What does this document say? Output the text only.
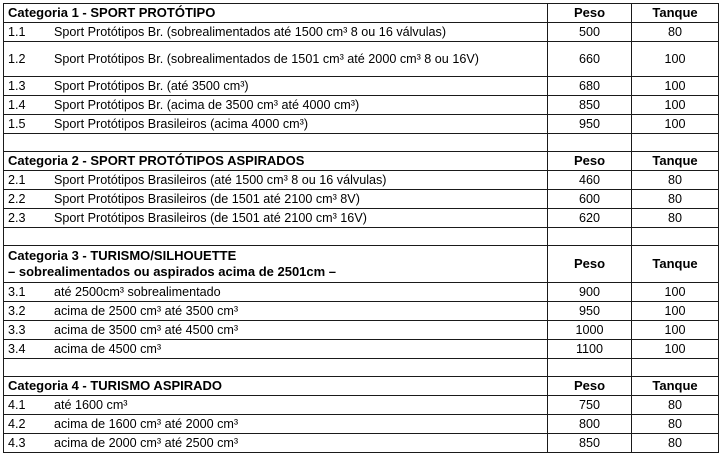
Categoria 1 - SPORT PROTÓTIPO	Peso	Tanque
1.1 Sport Protótipos Br. (sobrealimentados até 1500 cm³ 8 ou 16 válvulas)	500	80
1.2 Sport Protótipos Br. (sobrealimentados de 1501 cm³ até 2000 cm³ 8 ou 16V)	660	100
1.3 Sport Protótipos Br. (até 3500 cm³)	680	100
1.4 Sport Protótipos Br. (acima de 3500 cm³ até 4000 cm³)	850	100
1.5 Sport Protótipos Brasileiros (acima 4000 cm³)	950	100

Categoria 2 - SPORT PROTÓTIPOS ASPIRADOS	Peso	Tanque
2.1 Sport Protótipos Brasileiros (até 1500 cm³ 8 ou 16 válvulas)	460	80
2.2 Sport Protótipos Brasileiros (de 1501 até 2100 cm³ 8V)	600	80
2.3 Sport Protótipos Brasileiros (de 1501 até 2100 cm³ 16V)	620	80

Categoria 3 - TURISMO/SILHOUETTE
– sobrealimentados ou aspirados acima de 2501cm –	Peso	Tanque
3.1 até 2500cm³ sobrealimentado	900	100
3.2 acima de 2500 cm³ até 3500 cm³	950	100
3.3 acima de 3500 cm³ até 4500 cm³	1000	100
3.4 acima de 4500 cm³	1100	100

Categoria 4 - TURISMO ASPIRADO	Peso	Tanque
4.1 até 1600 cm³	750	80
4.2 acima de 1600 cm³ até 2000 cm³	800	80
4.3 acima de 2000 cm³ até 2500 cm³	850	80
